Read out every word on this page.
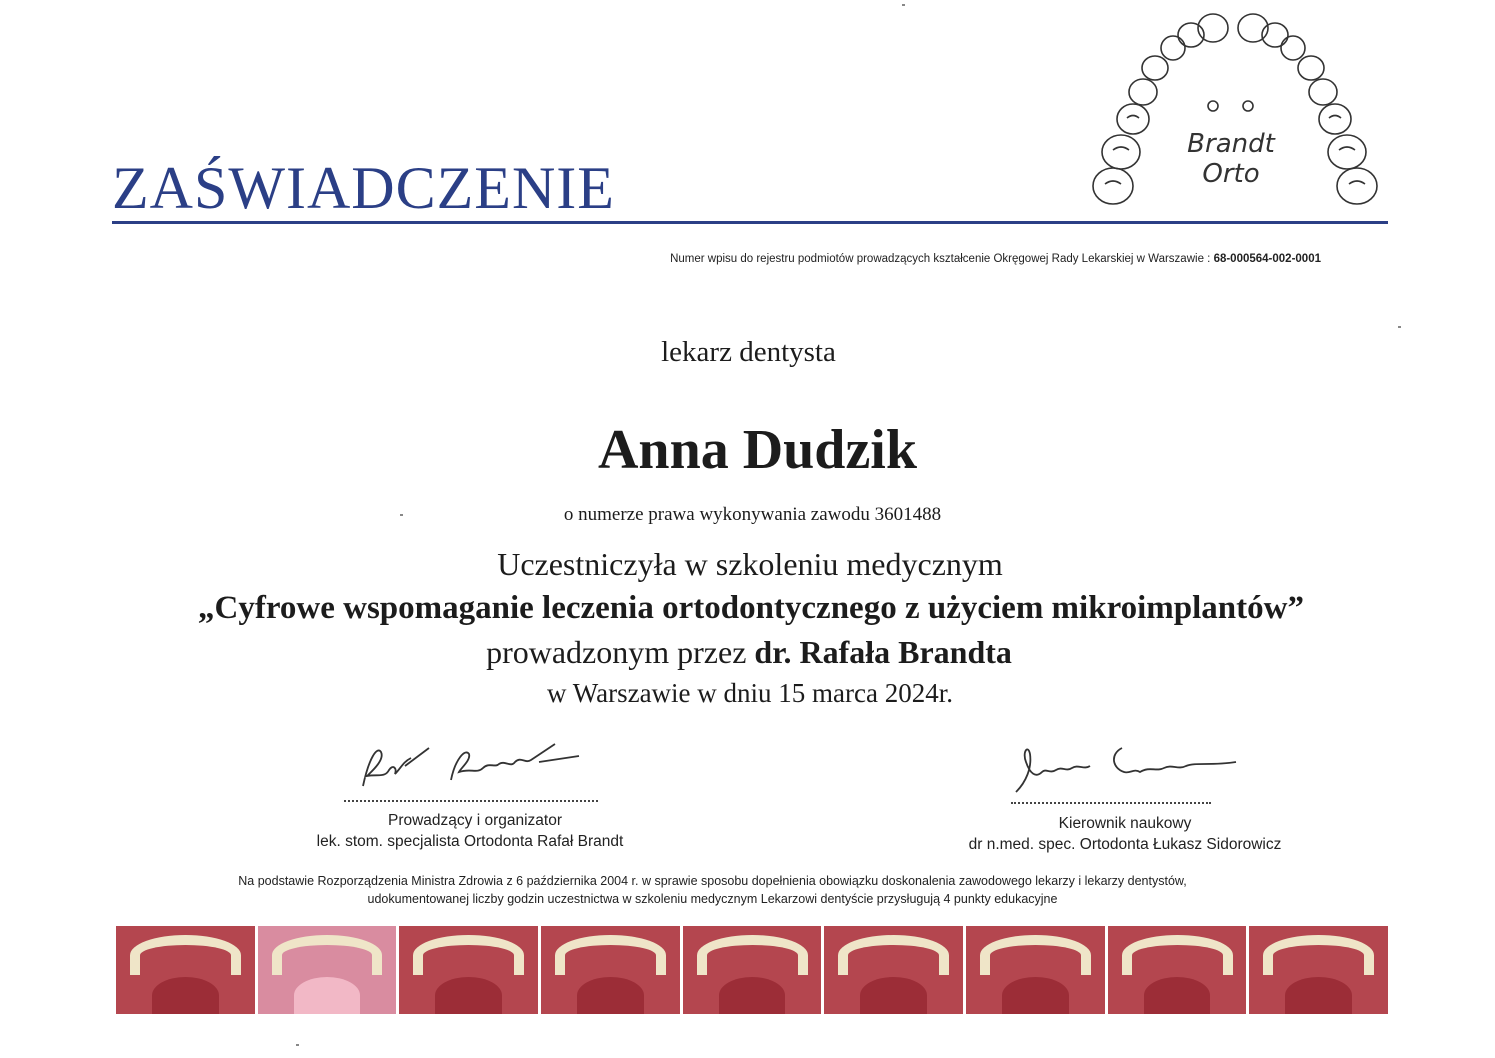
ZAŚWIADCZENIE
Brandt
Orto
Numer wpisu do rejestru podmiotów prowadzących kształcenie Okręgowej Rady Lekarskiej w Warszawie : 68-000564-002-0001
lekarz dentysta
Anna Dudzik
o numerze prawa wykonywania zawodu 3601488
Uczestniczyła w szkoleniu medycznym
„Cyfrowe wspomaganie leczenia ortodontycznego z użyciem mikroimplantów”
prowadzonym przez dr. Rafała Brandta
w Warszawie w dniu 15 marca 2024r.
Prowadzący i organizator
lek. stom. specjalista Ortodonta Rafał Brandt
Kierownik naukowy
dr n.med. spec. Ortodonta Łukasz Sidorowicz
Na podstawie Rozporządzenia Ministra Zdrowia z 6 października 2004 r. w sprawie sposobu dopełnienia obowiązku doskonalenia zawodowego lekarzy i lekarzy dentystów,
udokumentowanej liczby godzin uczestnictwa w szkoleniu medycznym Lekarzowi dentyście przysługują 4 punkty edukacyjne
